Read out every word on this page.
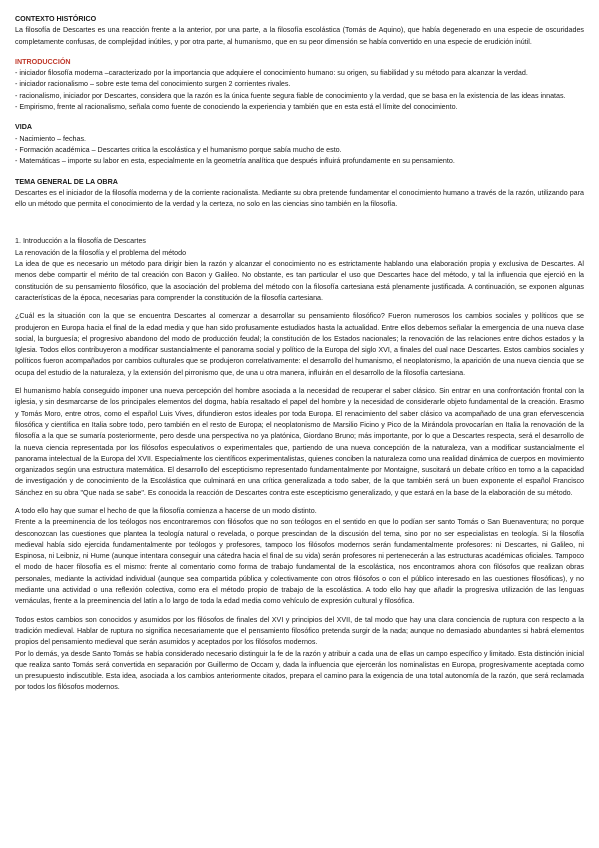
CONTEXTO HISTÓRICO
La filosofía de Descartes es una reacción frente a la anterior, por una parte, a la filosofía escolástica (Tomás de Aquino), que había degenerado en una especie de oscuridades completamente confusas, de complejidad inútiles, y por otra parte, al humanismo, que en su peor dimensión se había convertido en una especie de erudición inútil.
INTRODUCCIÓN
- iniciador filosofía moderna –caracterizado por la importancia que adquiere el conocimiento humano: su origen, su fiabilidad y su método para alcanzar la verdad.
- iniciador racionalismo – sobre este tema del conocimiento surgen 2 corrientes rivales.
- racionalismo, iniciador por Descartes, considera que la razón es la única fuente segura fiable de conocimiento y la verdad, que se basa en la existencia de las ideas innatas.
- Empirismo, frente al racionalismo, señala como fuente de conociendo la experiencia y también que en esta está el límite del conocimiento.
VIDA
- Nacimiento – fechas.
- Formación académica – Descartes critica la escolástica y el humanismo porque sabía mucho de esto.
- Matemáticas – importe su labor en esta, especialmente en la geometría analítica que después influirá profundamente en su pensamiento.
TEMA GENERAL DE LA OBRA
Descartes es el iniciador de la filosofía moderna y de la corriente racionalista. Mediante su obra pretende fundamentar el conocimiento humano a través de la razón, utilizando para ello un método que permita el conocimiento de la verdad y la certeza, no solo en las ciencias sino también en la filosofía.
1. Introducción a la filosofía de Descartes
La renovación de la filosofía y el problema del método
La idea de que es necesario un método para dirigir bien la razón y alcanzar el conocimiento no es estrictamente hablando una elaboración propia y exclusiva de Descartes. Al menos debe compartir el mérito de tal creación con Bacon y Galileo. No obstante, es tan particular el uso que Descartes hace del método, y tal la influencia que ejerció en la constitución de su pensamiento filosófico, que la asociación del problema del método con la filosofía cartesiana está plenamente justificada. A continuación, se exponen algunas características de la época, necesarias para comprender la constitución de la filosofía cartesiana.
¿Cuál es la situación con la que se encuentra Descartes al comenzar a desarrollar su pensamiento filosófico? Fueron numerosos los cambios sociales y políticos que se produjeron en Europa hacia el final de la edad media y que han sido profusamente estudiados hasta la actualidad. Entre ellos debemos señalar la emergencia de una nueva clase social, la burguesía; el progresivo abandono del modo de producción feudal; la constitución de los Estados nacionales; la renovación de las relaciones entre dichos estados y la Iglesia. Todos ellos contribuyeron a modificar sustancialmente el panorama social y político de la Europa del siglo XVI, a finales del cual nace Descartes. Estos cambios sociales y políticos fueron acompañados por cambios culturales que se produjeron correlativamente: el desarrollo del humanismo, el neoplatonismo, la aparición de una nueva ciencia que se ocupa del estudio de la naturaleza, y la extensión del pirronismo que, de una u otra manera, influirán en el desarrollo de la filosofía cartesiana.
El humanismo había conseguido imponer una nueva percepción del hombre asociada a la necesidad de recuperar el saber clásico. Sin entrar en una confrontación frontal con la iglesia, y sin desmarcarse de los principales elementos del dogma, había resaltado el papel del hombre y la necesidad de considerarle objeto fundamental de la creación. Erasmo y Tomás Moro, entre otros, como el español Luis Vives, difundieron estos ideales por toda Europa. El renacimiento del saber clásico va acompañado de una gran efervescencia filosófica y científica en Italia sobre todo, pero también en el resto de Europa; el neoplatonismo de Marsilio Ficino y Pico de la Mirándola provocarían en Italia la renovación de la filosofía a la que se sumaría posteriormente, pero desde una perspectiva no ya platónica, Giordano Bruno; más importante, por lo que a Descartes respecta, será el desarrollo de la nueva ciencia representada por los filósofos especulativos o experimentales que, partiendo de una nueva concepción de la naturaleza, van a modificar sustancialmente el panorama intelectual de la Europa del XVII. Especialmente los científicos experimentalistas, quienes conciben la naturaleza como una realidad dinámica de cuerpos en movimiento organizados según una estructura matemática. El desarrollo del escepticismo representado fundamentalmente por Montaigne, suscitará un debate crítico en torno a la capacidad de investigación y de conocimiento de la Escolástica que culminará en una crítica generalizada a todo saber, de la que también será un buen exponente el español Francisco Sánchez en su obra "Que nada se sabe". Es conocida la reacción de Descartes contra este escepticismo generalizado, y que estará en la base de la elaboración de su método.
A todo ello hay que sumar el hecho de que la filosofía comienza a hacerse de un modo distinto.
Frente a la preeminencia de los teólogos nos encontraremos con filósofos que no son teólogos en el sentido en que lo podían ser santo Tomás o San Buenaventura; no porque desconozcan las cuestiones que plantea la teología natural o revelada, o porque prescindan de la discusión del tema, sino por no ser especialistas en teología. Si la filosofía medieval había sido ejercida fundamentalmente por teólogos y profesores, tampoco los filósofos modernos serán fundamentalmente profesores: ni Descartes, ni Galileo, ni Espinosa, ni Leibniz, ni Hume (aunque intentara conseguir una cátedra hacia el final de su vida) serán profesores ni pertenecerán a las estructuras académicas oficiales. Tampoco el modo de hacer filosofía es el mismo: frente al comentario como forma de trabajo fundamental de la escolástica, nos encontramos ahora con filósofos que realizan obras personales, mediante la actividad individual (aunque sea compartida pública y colectivamente con otros filósofos o con el público interesado en las cuestiones filosóficas), y no mediante una actividad o una reflexión colectiva, como era el método propio de trabajo de la escolástica. A todo ello hay que añadir la progresiva utilización de las lenguas vernáculas, frente a la preeminencia del latín a lo largo de toda la edad media como vehículo de expresión cultural y filosófica.
Todos estos cambios son conocidos y asumidos por los filósofos de finales del XVI y principios del XVII, de tal modo que hay una clara conciencia de ruptura con respecto a la tradición medieval. Hablar de ruptura no significa necesariamente que el pensamiento filosófico pretenda surgir de la nada; aunque no demasiado abundantes si habrá elementos propios del pensamiento medieval que serán asumidos y aceptados por los filósofos modernos.
Por lo demás, ya desde Santo Tomás se había considerado necesario distinguir la fe de la razón y atribuir a cada una de ellas un campo específico y limitado. Esta distinción inicial que realiza santo Tomás será convertida en separación por Guillermo de Occam y, dada la influencia que ejercerán los nominalistas en Europa, progresivamente aceptada como un presupuesto indiscutible. Esta idea, asociada a los cambios anteriormente citados, prepara el camino para la exigencia de una total autonomía de la razón, que será reclamada por todos los filósofos modernos.
